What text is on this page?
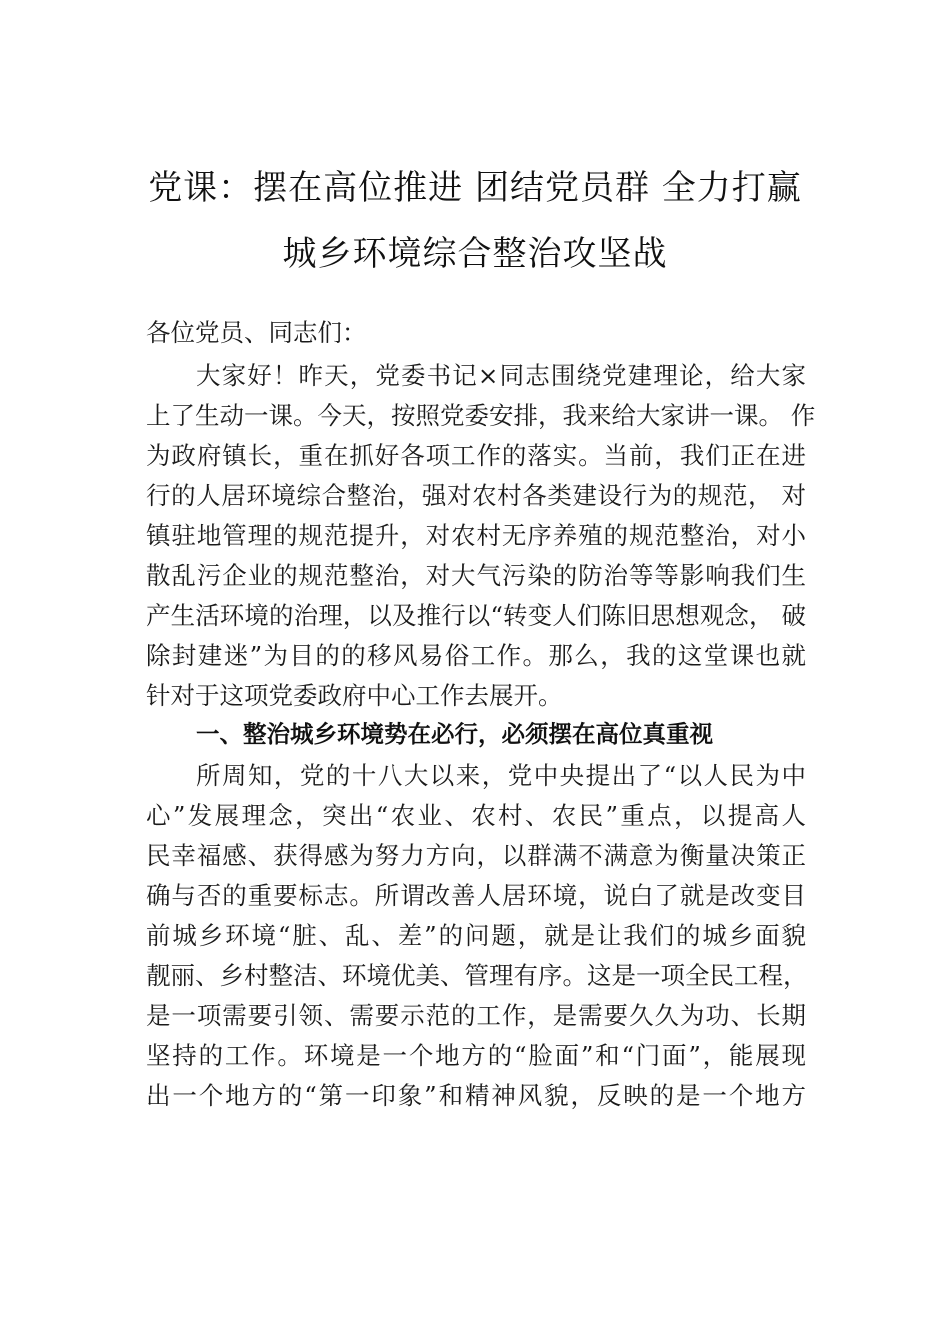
党课：摆在高位推进 团结党员群 全力打赢
城乡环境综合整治攻坚战
各位党员、同志们：
大家好！昨天，党委书记×同志围绕党建理论，给大家
上了生动一课。今天，按照党委安排，我来给大家讲一课。 作
为政府镇长，重在抓好各项工作的落实。当前，我们正在进
行的人居环境综合整治，强对农村各类建设行为的规范， 对
镇驻地管理的规范提升，对农村无序养殖的规范整治，对小
散乱污企业的规范整治，对大气污染的防治等等影响我们生
产生活环境的治理，以及推行以“转变人们陈旧思想观念， 破
除封建迷”为目的的移风易俗工作。那么，我的这堂课也就
针对于这项党委政府中心工作去展开。
一、整治城乡环境势在必行，必须摆在高位真重视
所周知，党的十八大以来，党中央提出了“以人民为中
心”发展理念，突出“农业、农村、农民”重点，以提高人
民幸福感、获得感为努力方向，以群满不满意为衡量决策正
确与否的重要标志。所谓改善人居环境，说白了就是改变目
前城乡环境“脏、乱、差”的问题，就是让我们的城乡面貌
靓丽、乡村整洁、环境优美、管理有序。这是一项全民工程，
是一项需要引领、需要示范的工作，是需要久久为功、长期
坚持的工作。环境是一个地方的“脸面”和“门面”，能展现
出一个地方的“第一印象”和精神风貌，反映的是一个地方
